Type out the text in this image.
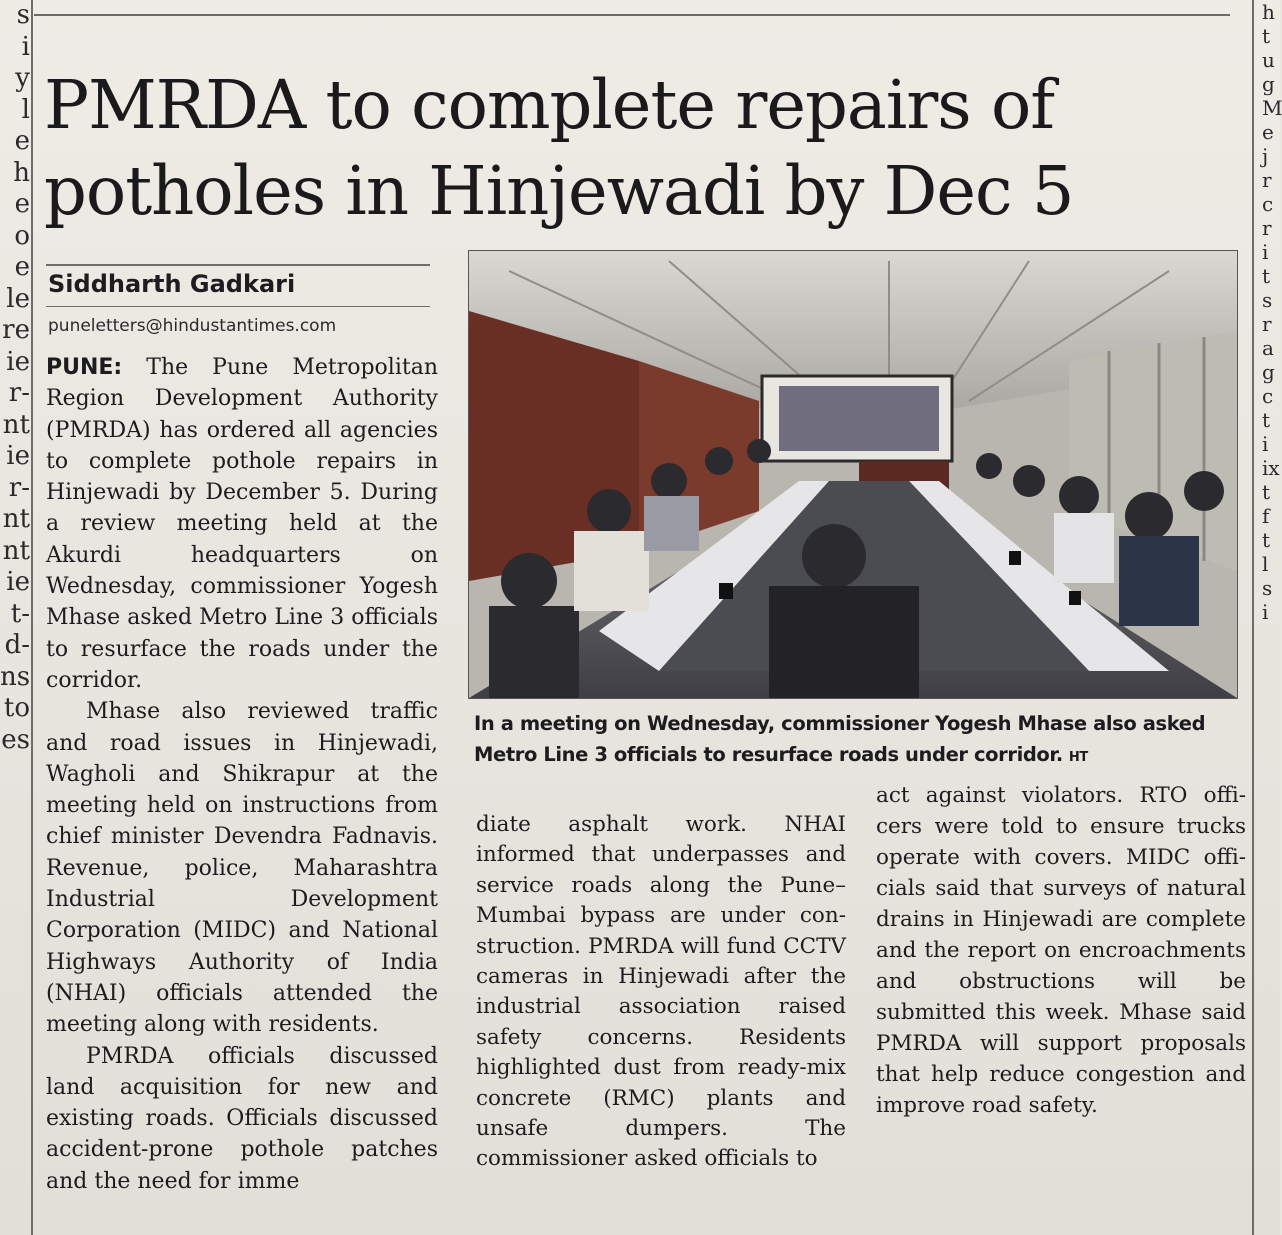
s
i
y
l
e
h
e
o
e
le
re
ie
r-
nt
ie
r-
nt
nt
ie
t-
d-
ns
to
es
h
t
u
g
M
e
j
r
c
r
i
t
s
r
a
g
c
t
i
ix
t
f
t
l
s
i
PMRDA to complete repairs of
potholes in Hinjewadi by Dec 5
Siddharth Gadkari
puneletters@hindustantimes.com

PUNE: The Pune Metropolitan Region Development Authority (PMRDA) has ordered all agencies to complete pothole repairs in Hinjewadi by December 5. During a review meeting held at the Akurdi headquarters on Wednesday, commissioner Yogesh Mhase asked Metro Line 3 officials to resurface the roads under the corridor.

Mhase also reviewed traffic and road issues in Hinjewadi, Wagholi and Shikrapur at the meeting held on instructions from chief minister Devendra Fadnavis. Revenue, police, Maharashtra Industrial Development Corporation (MIDC) and National Highways Authority of India (NHAI) officials attended the meeting along with residents.

PMRDA officials discussed land acquisition for new and existing roads. Officials discussed accident-prone pothole patches and the need for imme

In a meeting on Wednesday, commissioner Yogesh Mhase also asked Metro Line 3 officials to resurface roads under corridor. HT

diate asphalt work. NHAI informed that underpasses and service roads along the Pune–Mumbai bypass are under construction. PMRDA will fund CCTV cameras in Hinjewadi after the industrial association raised safety concerns. Residents highlighted dust from ready-mix concrete (RMC) plants and unsafe dumpers. The commissioner asked officials to

act against violators. RTO officers were told to ensure trucks operate with covers. MIDC officials said that surveys of natural drains in Hinjewadi are complete and the report on encroachments and obstructions will be submitted this week. Mhase said PMRDA will support proposals that help reduce congestion and improve road safety.
